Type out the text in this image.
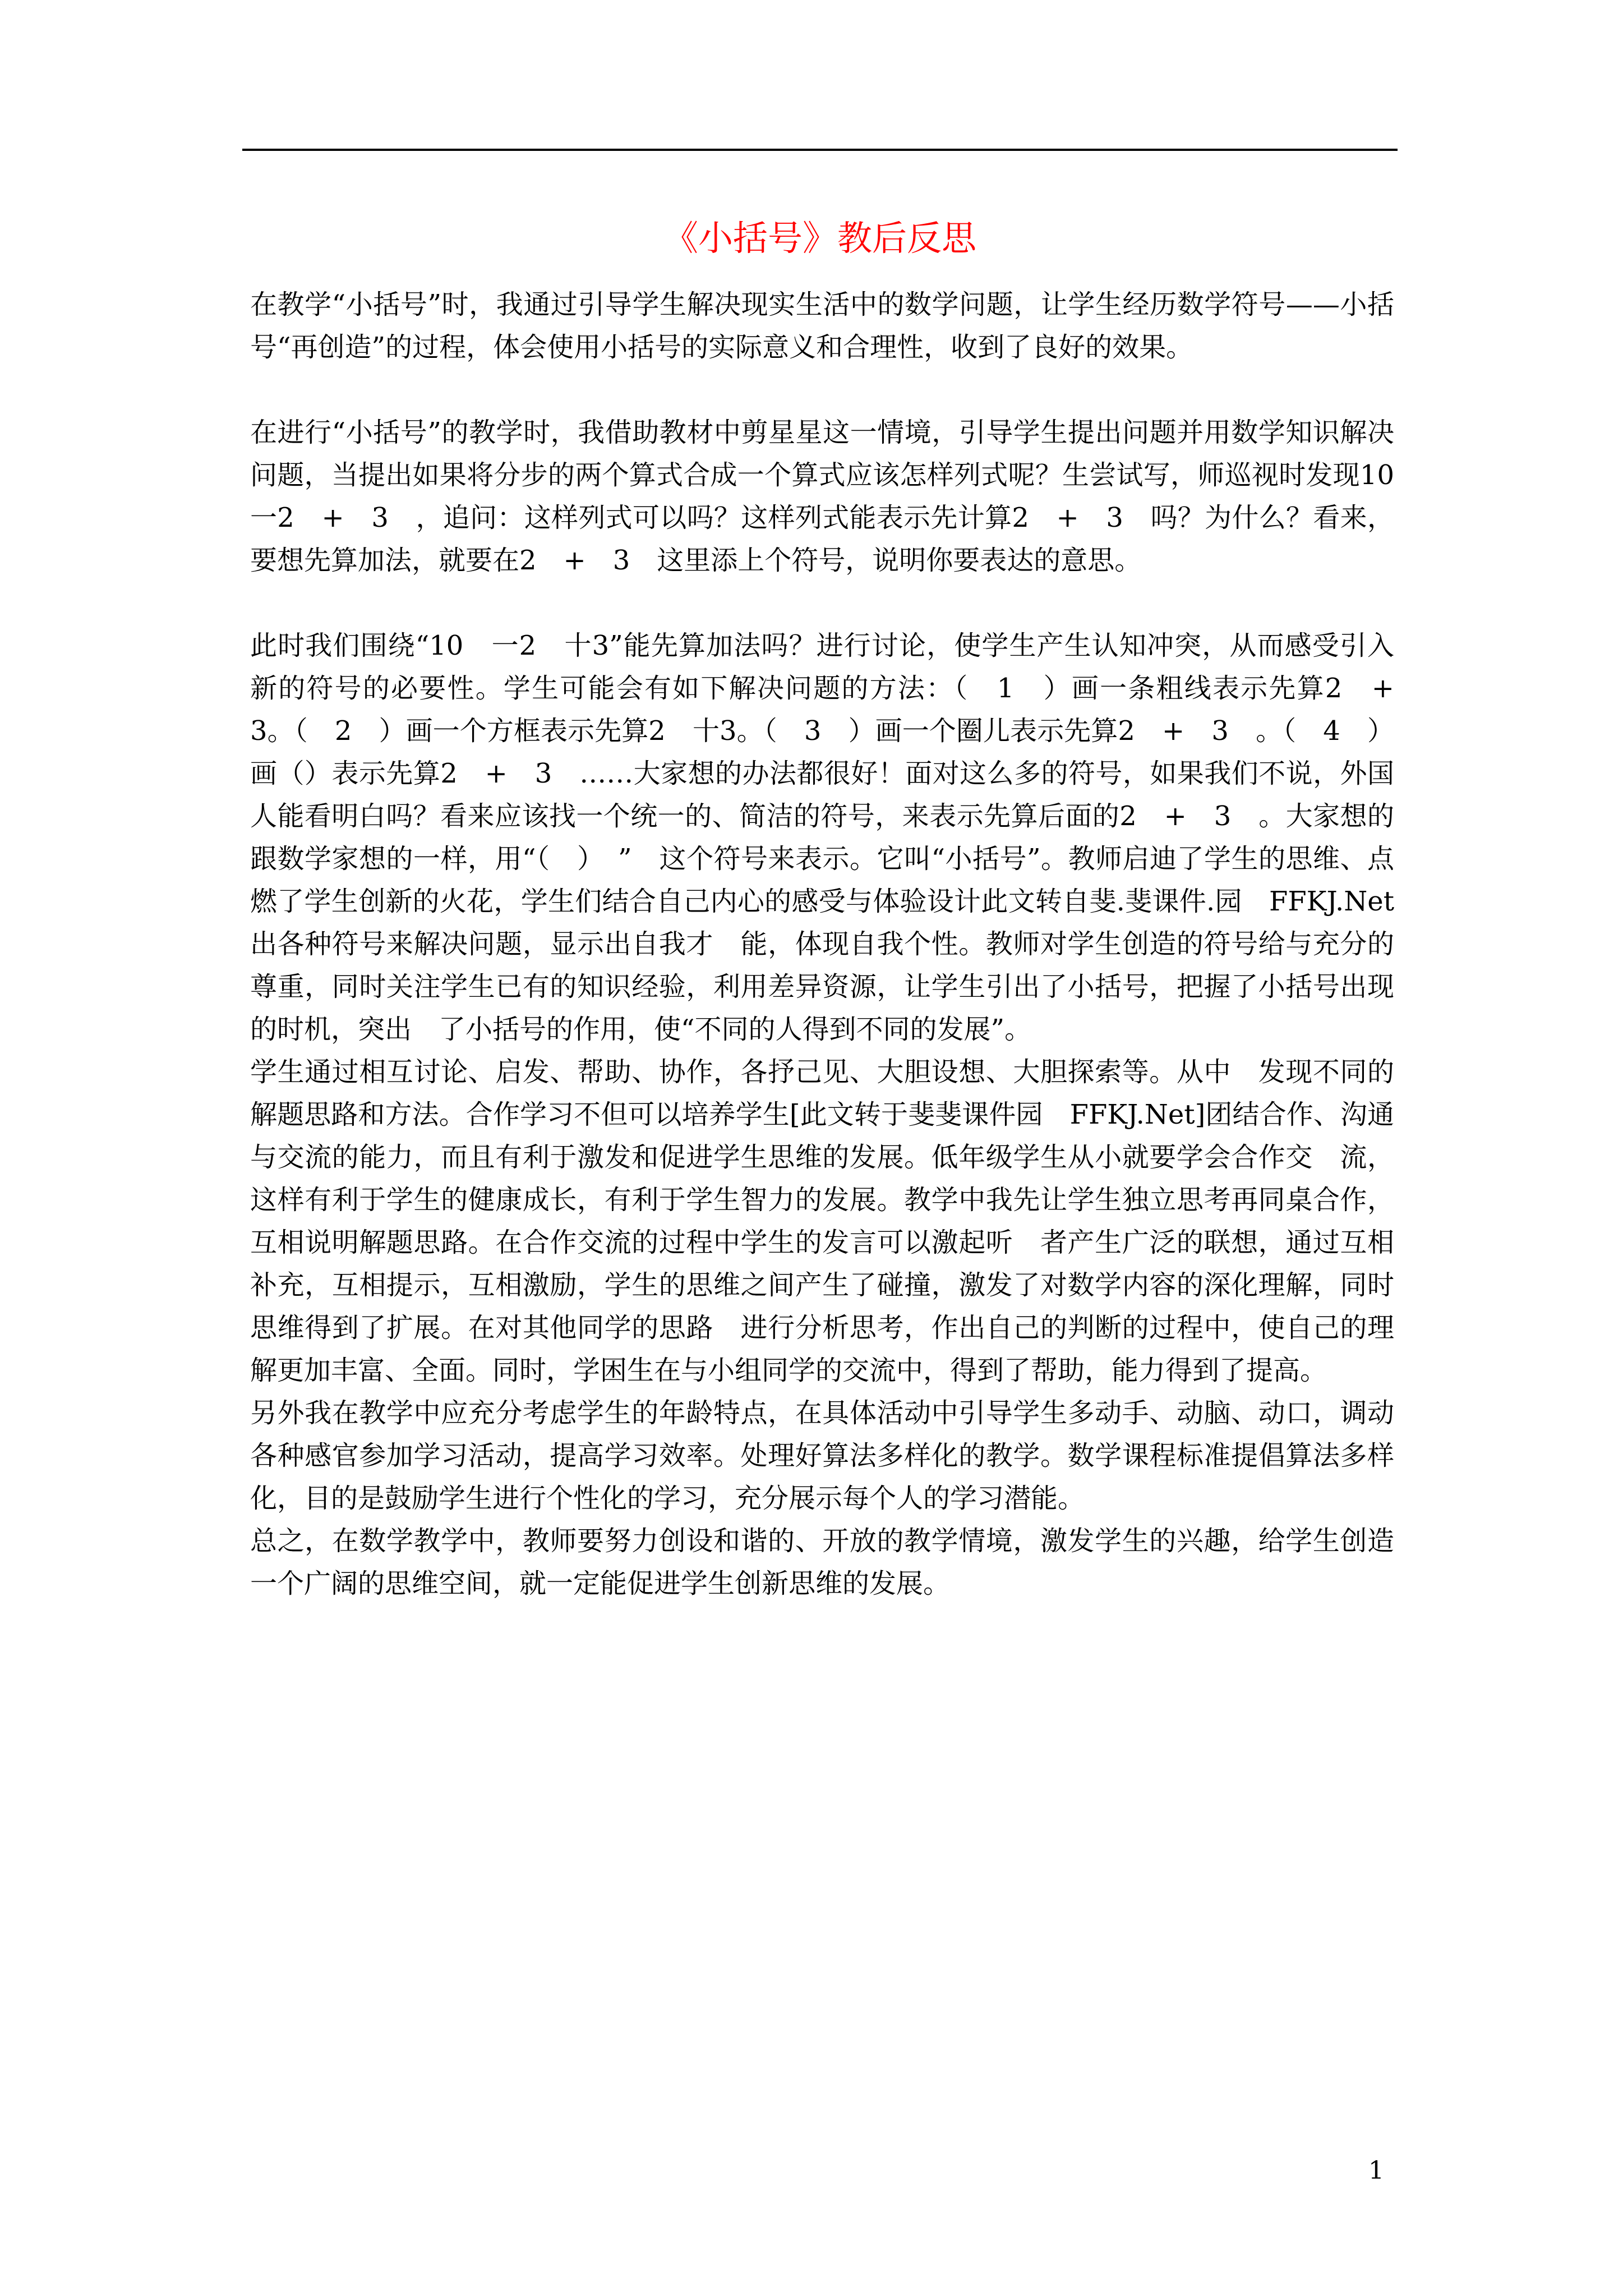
《小括号》教后反思

在教学“小括号”时，我通过引导学生解决现实生活中的数学问题，让学生经历数学符号——小括号“再创造”的过程，体会使用小括号的实际意义和合理性，收到了良好的效果。

在进行“小括号”的教学时，我借助教材中剪星星这一情境，引导学生提出问题并用数学知识解决问题，当提出如果将分步的两个算式合成一个算式应该怎样列式呢？生尝试写，师巡视时发现10　一2　+　3　，追问：这样列式可以吗？这样列式能表示先计算2　+　3　吗？为什么？看来，要想先算加法，就要在2　+　3　这里添上个符号，说明你要表达的意思。

此时我们围绕“10　一2　十3”能先算加法吗？进行讨论，使学生产生认知冲突，从而感受引入新的符号的必要性。学生可能会有如下解决问题的方法：（　1　）画一条粗线表示先算2　+　3。（　2　）画一个方框表示先算2　十3。（　3　）画一个圈儿表示先算2　+　3　。（　4　）画（）表示先算2　+　3　……大家想的办法都很好！面对这么多的符号，如果我们不说，外国人能看明白吗？看来应该找一个统一的、简洁的符号，来表示先算后面的2　+　3　。大家想的跟数学家想的一样，用“（　）　”　这个符号来表示。它叫“小括号”。教师启迪了学生的思维、点燃了学生创新的火花，学生们结合自己内心的感受与体验设计此文转自斐.斐课件.园　FFKJ.Net出各种符号来解决问题，显示出自我才　能，体现自我个性。教师对学生创造的符号给与充分的尊重，同时关注学生已有的知识经验，利用差异资源，让学生引出了小括号，把握了小括号出现的时机，突出　了小括号的作用，使“不同的人得到不同的发展”。

学生通过相互讨论、启发、帮助、协作，各抒己见、大胆设想、大胆探索等。从中　发现不同的解题思路和方法。合作学习不但可以培养学生[此文转于斐斐课件园　FFKJ.Net]团结合作、沟通与交流的能力，而且有利于激发和促进学生思维的发展。低年级学生从小就要学会合作交　流，这样有利于学生的健康成长，有利于学生智力的发展。教学中我先让学生独立思考再同桌合作，互相说明解题思路。在合作交流的过程中学生的发言可以激起听　者产生广泛的联想，通过互相补充，互相提示，互相激励，学生的思维之间产生了碰撞，激发了对数学内容的深化理解，同时思维得到了扩展。在对其他同学的思路　进行分析思考，作出自己的判断的过程中，使自己的理解更加丰富、全面。同时，学困生在与小组同学的交流中，得到了帮助，能力得到了提高。

另外我在教学中应充分考虑学生的年龄特点，在具体活动中引导学生多动手、动脑、动口，调动各种感官参加学习活动，提高学习效率。处理好算法多样化的教学。数学课程标准提倡算法多样化，目的是鼓励学生进行个性化的学习，充分展示每个人的学习潜能。

总之，在数学教学中，教师要努力创设和谐的、开放的教学情境，激发学生的兴趣，给学生创造一个广阔的思维空间，就一定能促进学生创新思维的发展。

1
